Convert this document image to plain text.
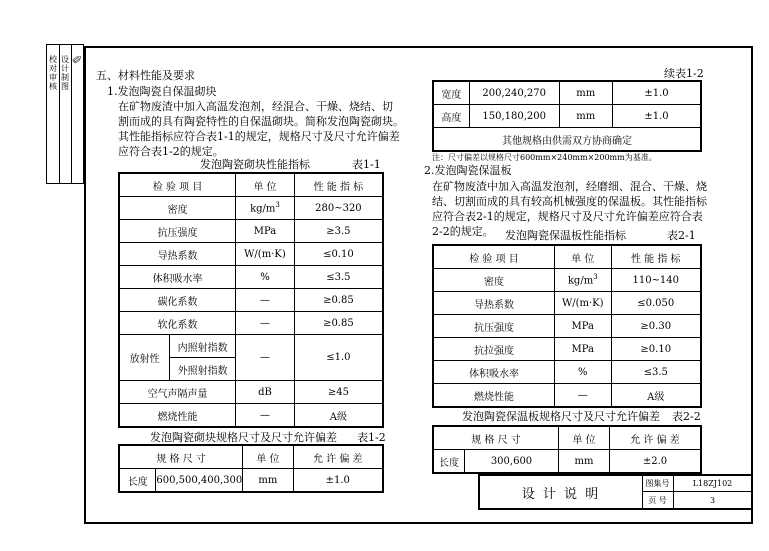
校对审核
设计制图
✎
五、材料性能及要求
1.发泡陶瓷自保温砌块
在矿物废渣中加入高温发泡剂，经混合、干燥、烧结、切
割而成的具有陶瓷特性的自保温砌块。简称发泡陶瓷砌块。
其性能指标应符合表1-1的规定，规格尺寸及尺寸允许偏差
应符合表1-2的规定。
发泡陶瓷砌块性能指标	表1-1
检 验 项 目		单 位	性 能 指 标
密度		$kg/m^3$	280~320
抗压强度		MPa	≥3.5
导热系数		W/(m·K)	≤0.10
体积吸水率		%	≤3.5
碳化系数		—	≥0.85
软化系数		—	≥0.85
放射性	内照射指数	—	≤1.0
	外照射指数		
空气声隔声量		dB	≥45
燃烧性能		—	A级
发泡陶瓷砌块规格尺寸及尺寸允许偏差 表1-2
规 格 尺 寸		单 位	允 许 偏 差
长度	600,500,400,300	mm	±1.0
续表1-2
宽度	200,240,270	mm	±1.0
高度	150,180,200	mm	±1.0
其他规格由供需双方协商确定			
注：尺寸偏差以规格尺寸600mm×240mm×200mm为基准。
2.发泡陶瓷保温板
在矿物废渣中加入高温发泡剂，经磨细、混合、干燥、烧
结、切割而成的具有较高机械强度的保温板。其性能指标
应符合表2-1的规定，规格尺寸及尺寸允许偏差应符合表
2-2的规定。 发泡陶瓷保温板性能指标	表2-1
检 验 项 目	单 位	性 能 指 标
密度	$kg/m^3$	110~140
导热系数	W/(m·K)	≤0.050
抗压强度	MPa	≥0.30
抗拉强度	MPa	≥0.10
体积吸水率	%	≤3.5
燃烧性能	—	A级
发泡陶瓷保温板规格尺寸及尺寸允许偏差 表2-2
规 格 尺 寸		单 位	允 许 偏 差
长度	300,600	mm	±2.0
设 计 说 明
图集号	L18ZJ102
页 号	3
